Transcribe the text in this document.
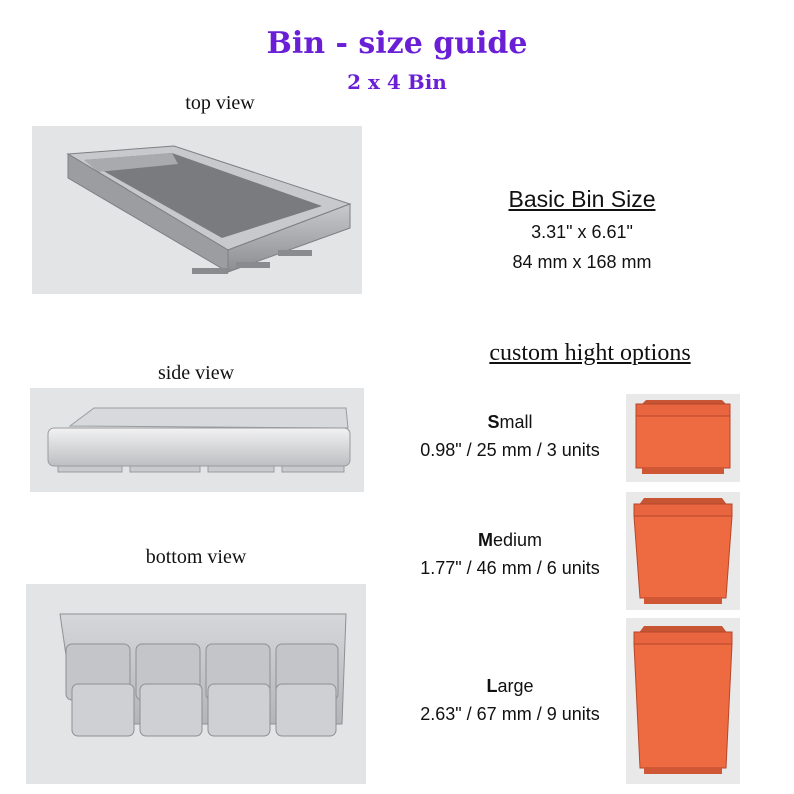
Bin - size guide
2 x 4 Bin
top view
Basic Bin Size
3.31" x 6.61"
84 mm x 168 mm
side view
custom hight options
bottom view
Small
0.98" / 25 mm / 3 units
Medium
1.77" / 46 mm / 6 units
Large
2.63" / 67 mm / 9 units
